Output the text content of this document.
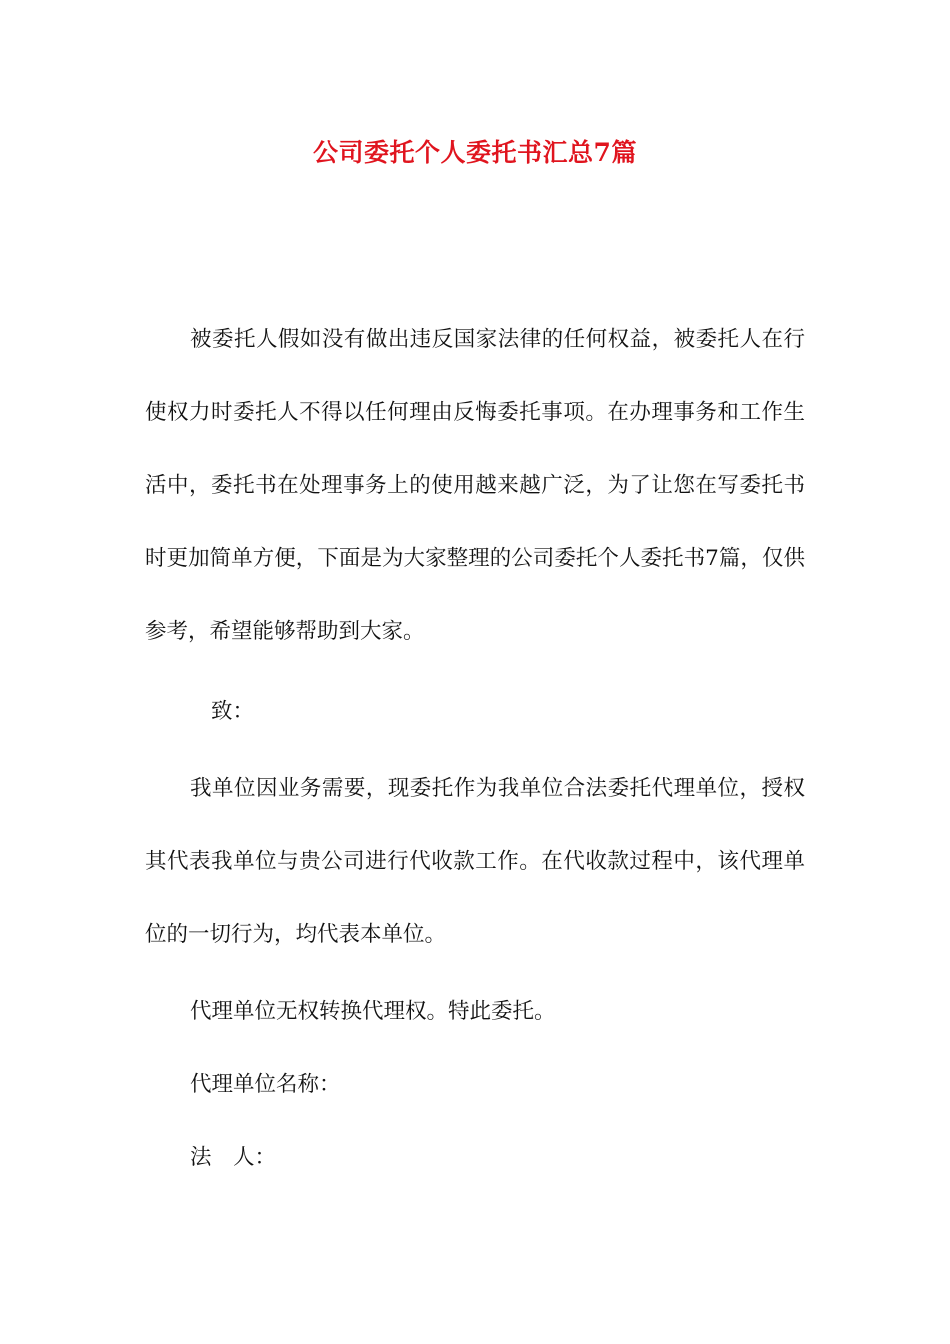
公司委托个人委托书汇总7篇

被委托人假如没有做出违反国家法律的任何权益，被委托人在行使权力时委托人不得以任何理由反悔委托事项。在办理事务和工作生活中，委托书在处理事务上的使用越来越广泛，为了让您在写委托书时更加简单方便，下面是为大家整理的公司委托个人委托书7篇，仅供参考，希望能够帮助到大家。

致：

我单位因业务需要，现委托作为我单位合法委托代理单位，授权其代表我单位与贵公司进行代收款工作。在代收款过程中，该代理单位的一切行为，均代表本单位。

代理单位无权转换代理权。特此委托。

代理单位名称：

法　人：
